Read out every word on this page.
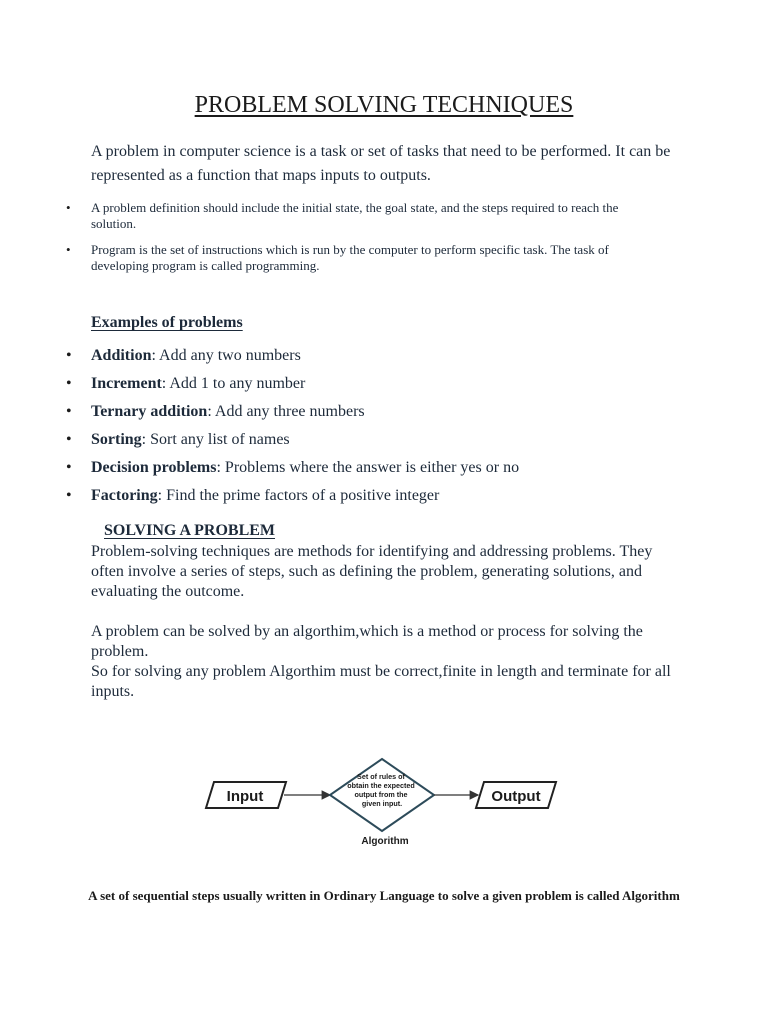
PROBLEM SOLVING TECHNIQUES
A problem in computer science is a task or set of tasks that need to be performed. It can be represented as a function that maps inputs to outputs.
• A problem definition should include the initial state, the goal state, and the steps required to reach the solution.
• Program is the set of instructions which is run by the computer to perform specific task. The task of developing program is called programming.
Examples of problems
• Addition: Add any two numbers
• Increment: Add 1 to any number
• Ternary addition: Add any three numbers
• Sorting: Sort any list of names
• Decision problems: Problems where the answer is either yes or no
• Factoring: Find the prime factors of a positive integer
SOLVING A PROBLEM

Problem-solving techniques are methods for identifying and addressing problems. They often involve a series of steps, such as defining the problem, generating solutions, and evaluating the outcome.

A problem can be solved by an algorthim,which is a method or process for solving the problem.

So for solving any problem Algorthim must be correct,finite in length and terminate for all inputs.

Input
Set of rules of obtain the expected output from the given input.	Output
Algorithm
A set of sequential steps usually written in Ordinary Language to solve a given problem is called Algorithm
